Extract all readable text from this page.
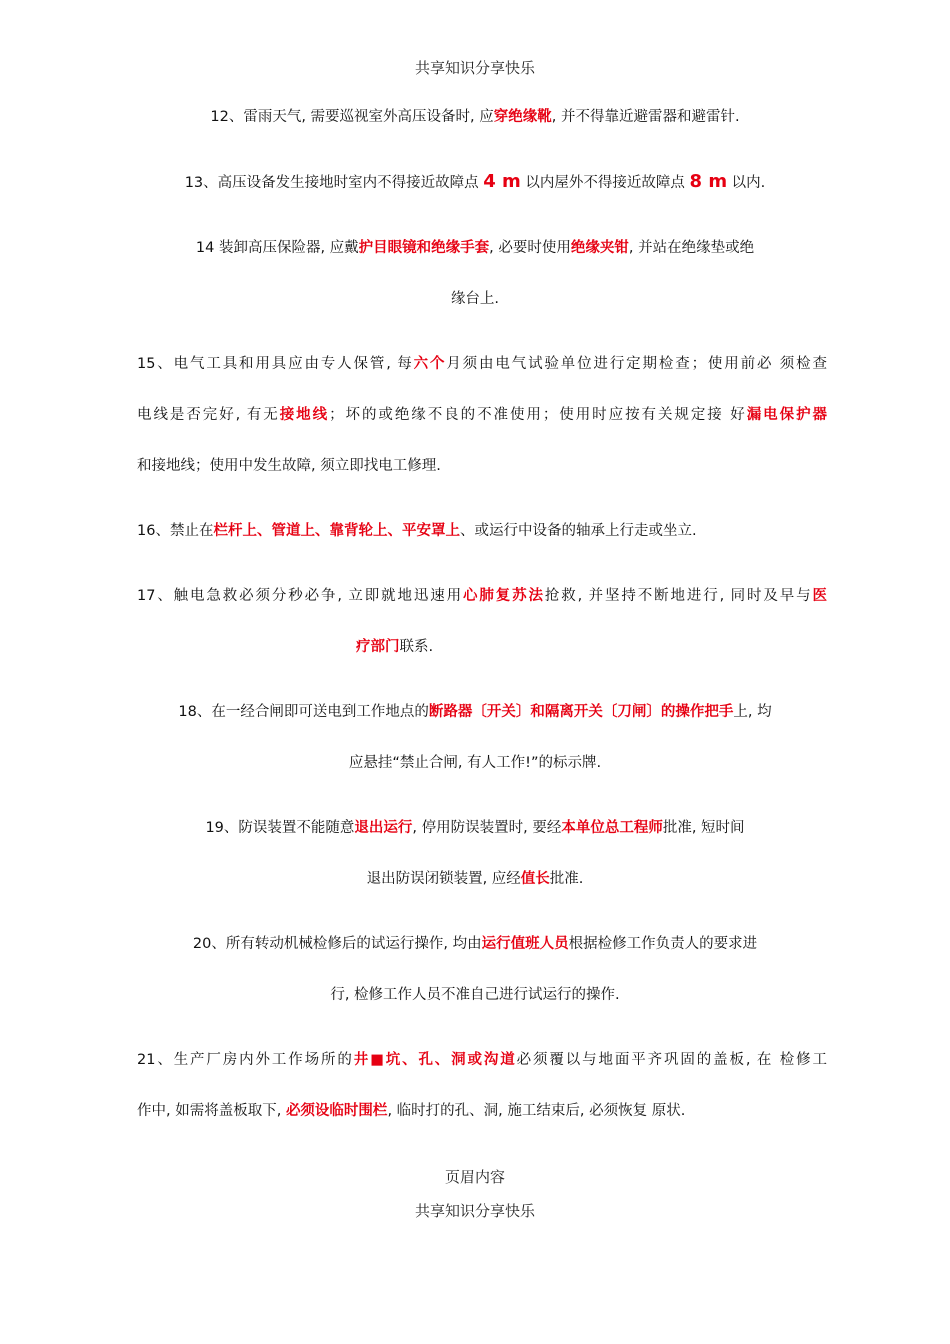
共享知识分享快乐
12、雷雨天气, 需要巡视室外高压设备时, 应穿绝缘靴, 并不得靠近避雷器和避雷针.
13、高压设备发生接地时室内不得接近故障点 4 m 以内屋外不得接近故障点 8 m 以内.
14 装卸高压保险器, 应戴护目眼镜和绝缘手套, 必要时使用绝缘夹钳, 并站在绝缘垫或绝
缘台上.
15、电气工具和用具应由专人保管, 每六个月须由电气试验单位进行定期检查；使用前必 须检查
电线是否完好, 有无接地线；坏的或绝缘不良的不准使用；使用时应按有关规定接 好漏电保护器
和接地线；使用中发生故障, 须立即找电工修理.
16、禁止在栏杆上、管道上、靠背轮上、平安罩上、或运行中设备的轴承上行走或坐立.
17、触电急救必须分秒必争, 立即就地迅速用心肺复苏法抢救, 并坚持不断地进行, 同时及早与医
疗部门联系.
18、在一经合闸即可送电到工作地点的断路器〔开关〕和隔离开关〔刀闸〕的操作把手上, 均
应悬挂“禁止合闸, 有人工作!”的标示牌.
19、防误装置不能随意退出运行, 停用防误装置时, 要经本单位总工程师批准, 短时间
退出防误闭锁装置, 应经值长批准.
20、所有转动机械检修后的试运行操作, 均由运行值班人员根据检修工作负责人的要求进
行, 检修工作人员不准自己进行试运行的操作.
21、生产厂房内外工作场所的井■坑、孔、洞或沟道必须覆以与地面平齐巩固的盖板, 在 检修工
作中, 如需将盖板取下, 必须设临时围栏, 临时打的孔、洞, 施工结束后, 必须恢复 原状.
页眉内容
共享知识分享快乐
